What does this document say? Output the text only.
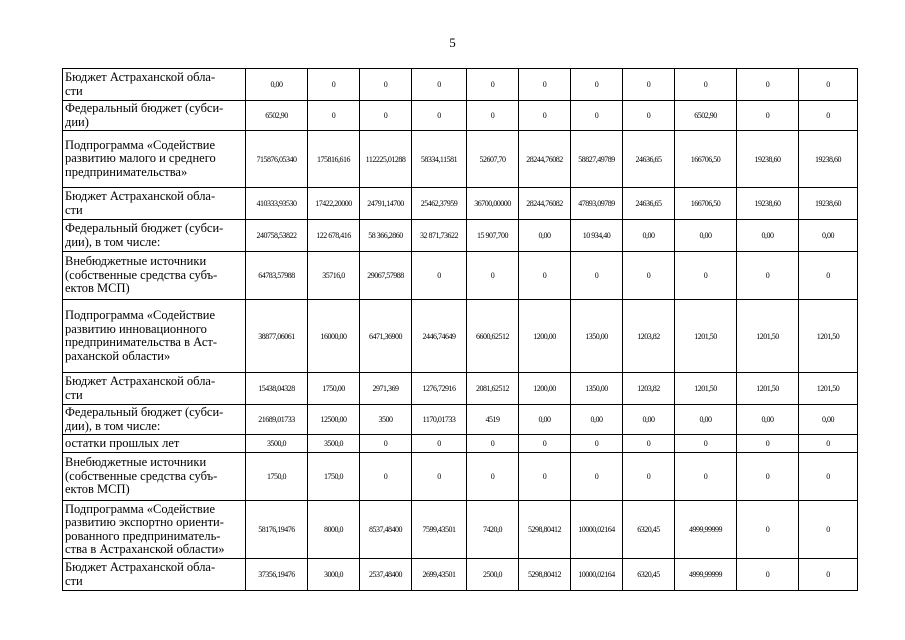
5
Бюджет Астраханской обла-
сти	0,00	0	0	0	0	0	0	0	0	0	0
Федеральный бюджет (субси-
дии)	6502,90	0	0	0	0	0	0	0	6502,90	0	0
Подпрограмма «Содействие
развитию малого и среднего
предпринимательства»	715876,05340	175816,616	112225,01288	58334,11581	52607,70	28244,76082	58827,49789	24636,65	166706,50	19238,60	19238,60
Бюджет Астраханской обла-
сти	410333,93530	17422,20000	24791,14700	25462,37959	36700,00000	28244,76082	47893,09789	24636,65	166706,50	19238,60	19238,60
Федеральный бюджет (субси-
дии), в том числе:	240758,53822	122 678,416	58 366,2860	32 871,73622	15 907,700	0,00	10 934,40	0,00	0,00	0,00	0,00
Внебюджетные источники
(собственные средства субъ-
ектов МСП)	64783,57988	35716,0	29067,57988	0	0	0	0	0	0	0	0
Подпрограмма «Содействие
развитию инновационного
предпринимательства в Аст-
раханской области»	38877,06061	16000,00	6471,36900	2446,74649	6600,62512	1200,00	1350,00	1203,82	1201,50	1201,50	1201,50
Бюджет Астраханской обла-
сти	15438,04328	1750,00	2971,369	1276,72916	2081,62512	1200,00	1350,00	1203,82	1201,50	1201,50	1201,50
Федеральный бюджет (субси-
дии), в том числе:	21689,01733	12500,00	3500	1170,01733	4519	0,00	0,00	0,00	0,00	0,00	0,00
остатки прошлых лет	3500,0	3500,0	0	0	0	0	0	0	0	0	0
Внебюджетные источники
(собственные средства субъ-
ектов МСП)	1750,0	1750,0	0	0	0	0	0	0	0	0	0
Подпрограмма «Содействие
развитию экспортно ориенти-
рованного предприниматель-
ства в Астраханской области»	58176,19476	8000,0	8537,48400	7599,43501	7420,0	5298,80412	10000,02164	6320,45	4999,99999	0	0
Бюджет Астраханской обла-
сти	37356,19476	3000,0	2537,48400	2699,43501	2500,0	5298,80412	10000,02164	6320,45	4999,99999	0	0
